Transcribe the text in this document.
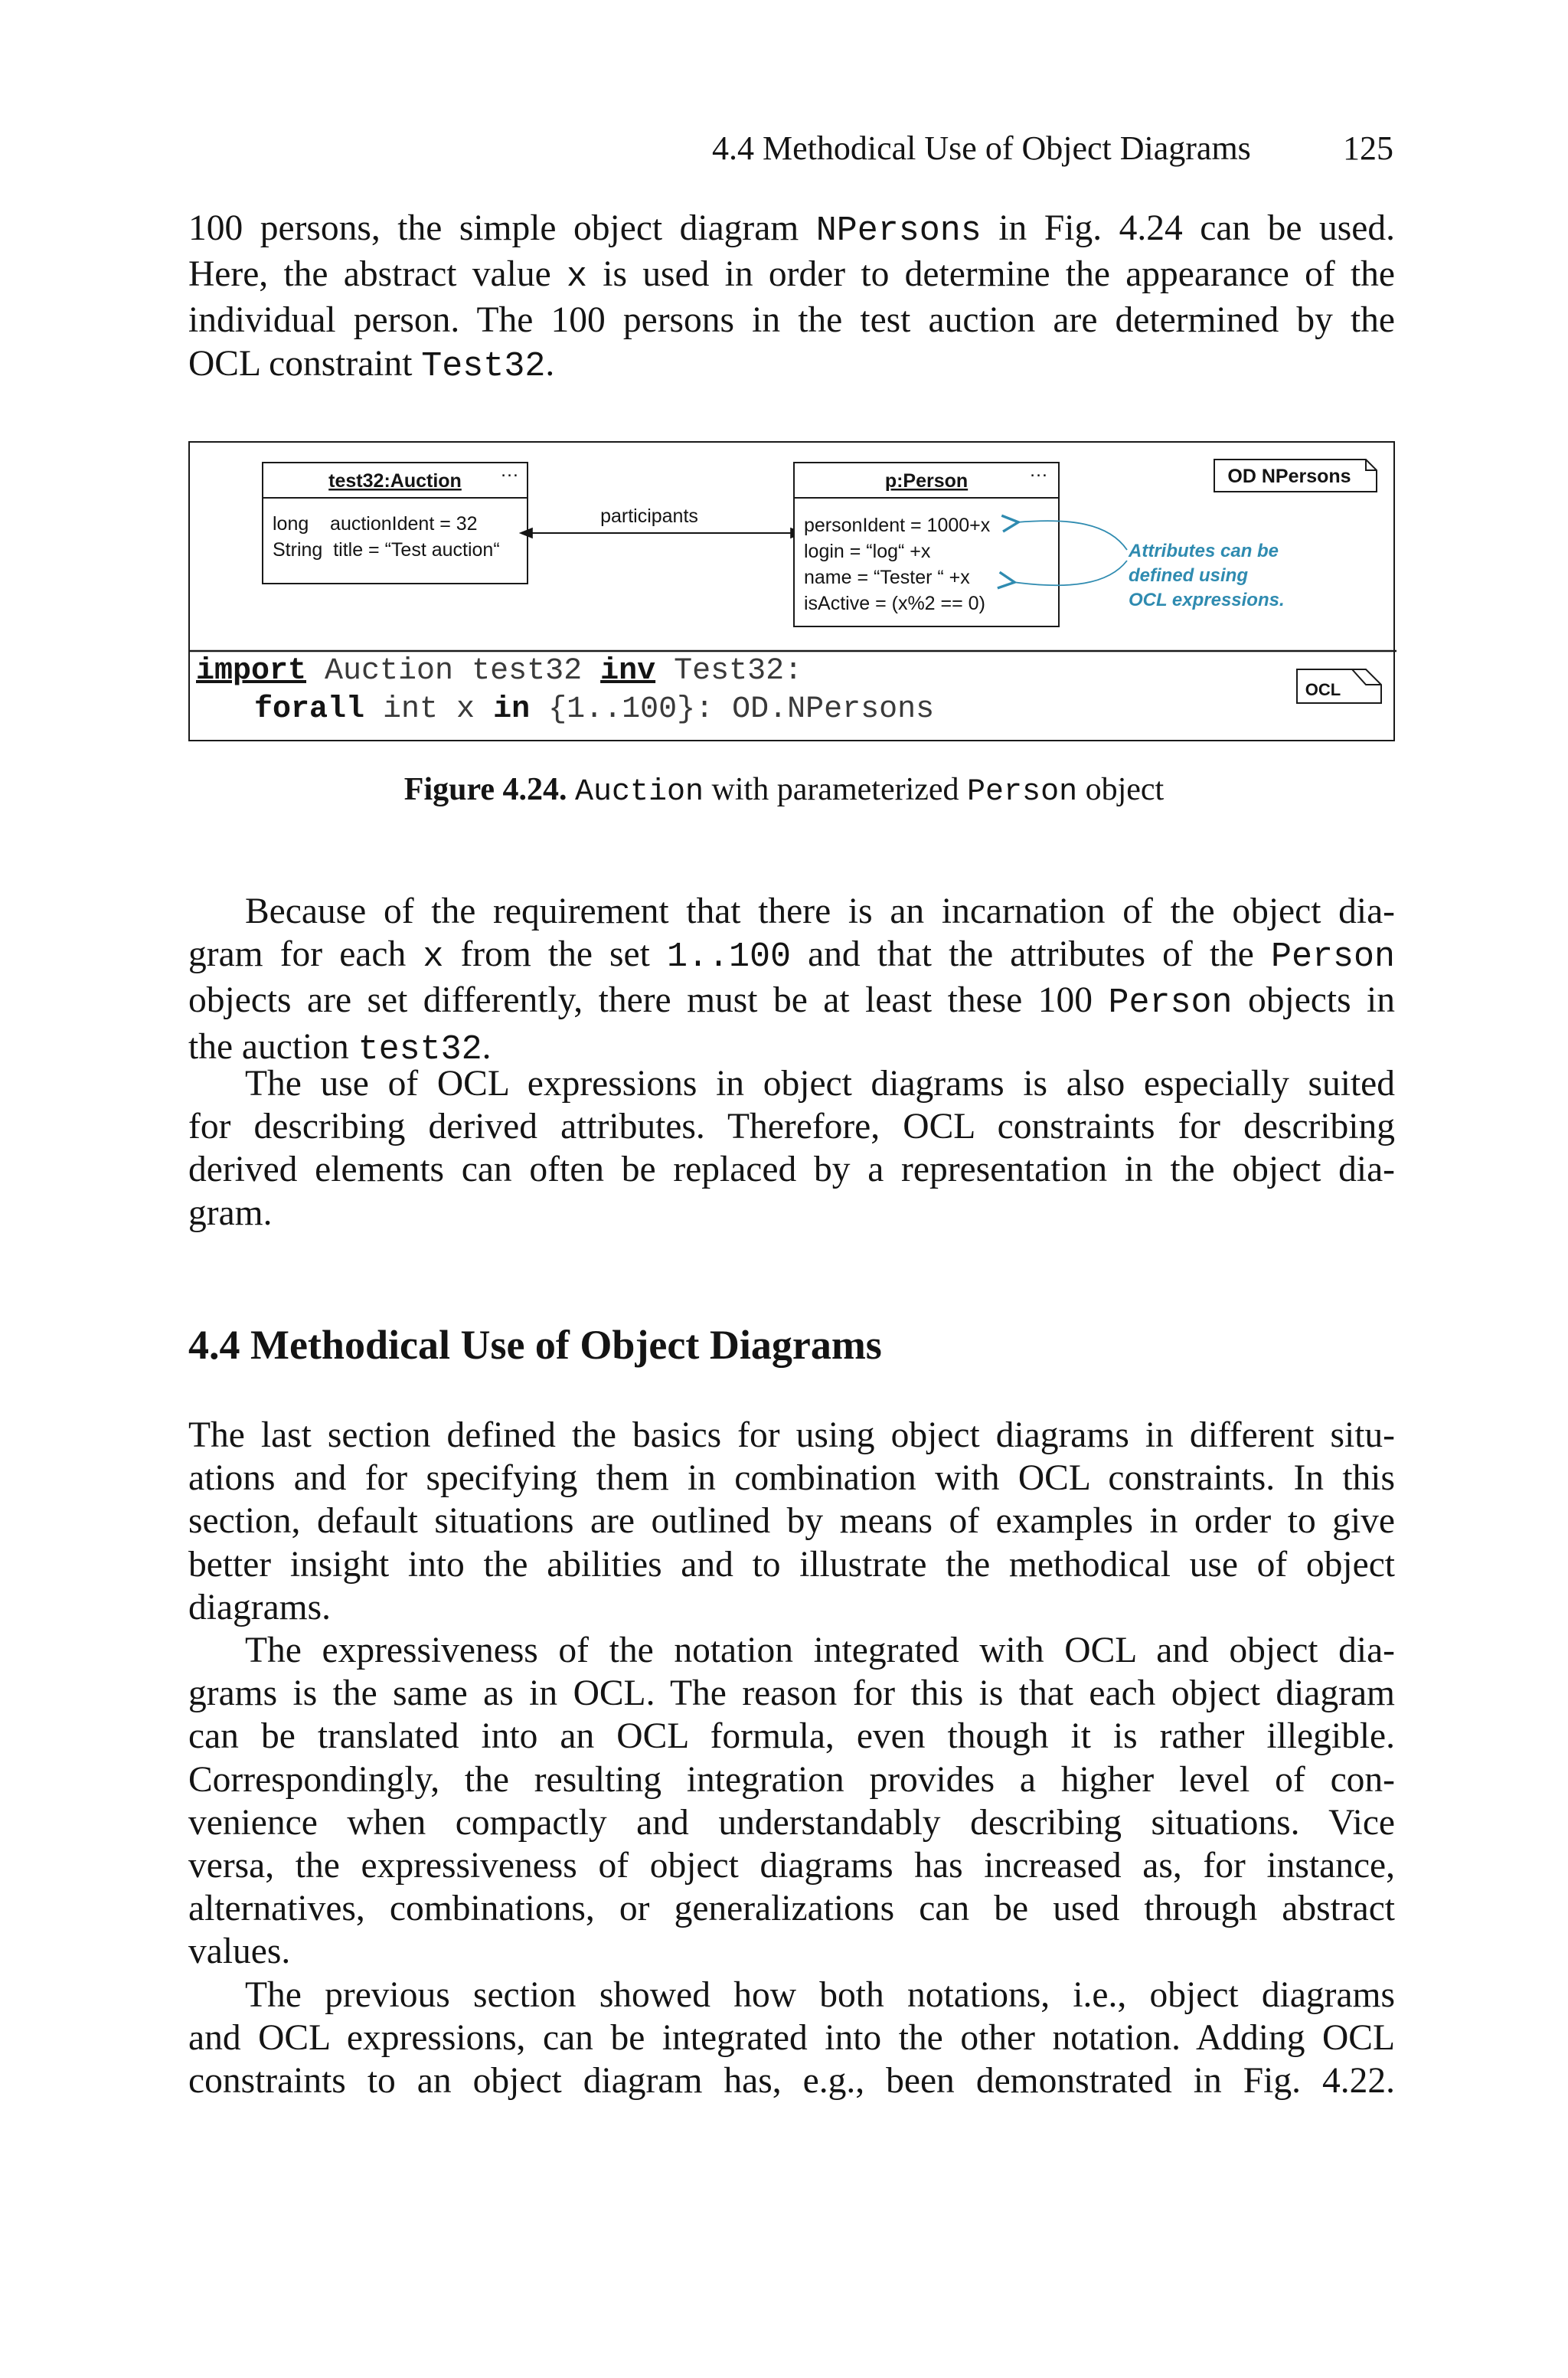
4.4 Methodical Use of Object Diagrams	125
100 persons, the simple object diagram NPersons in Fig. 4.24 can be used.
Here, the abstract value x is used in order to determine the appearance of the
individual person. The 100 persons in the test auction are determined by the
OCL constraint Test32.
test32:Auction …
long    auctionIdent = 32
String  title = “Test auction“
participants
p:Person	…
personIdent = 1000+x
login = “log“ +x
name = “Tester “ +x
isActive = (x%2 == 0)
OD NPersons
Attributes can be
defined using
OCL expressions.
OCL
import Auction test32 inv Test32:
forall int x in {1..100}: OD.NPersons
Figure 4.24. Auction with parameterized Person object
Because of the requirement that there is an incarnation of the object dia-
gram for each x from the set 1..100 and that the attributes of the Person
objects are set differently, there must be at least these 100 Person objects in
the auction test32.
The use of OCL expressions in object diagrams is also especially suited
for describing derived attributes. Therefore, OCL constraints for describing
derived elements can often be replaced by a representation in the object dia-
gram.
4.4 Methodical Use of Object Diagrams
The last section defined the basics for using object diagrams in different situ-
ations and for specifying them in combination with OCL constraints. In this
section, default situations are outlined by means of examples in order to give
better insight into the abilities and to illustrate the methodical use of object
diagrams.
The expressiveness of the notation integrated with OCL and object dia-
grams is the same as in OCL. The reason for this is that each object diagram
can be translated into an OCL formula, even though it is rather illegible.
Correspondingly, the resulting integration provides a higher level of con-
venience when compactly and understandably describing situations. Vice
versa, the expressiveness of object diagrams has increased as, for instance,
alternatives, combinations, or generalizations can be used through abstract
values.
The previous section showed how both notations, i.e., object diagrams
and OCL expressions, can be integrated into the other notation. Adding OCL
constraints to an object diagram has, e.g., been demonstrated in Fig. 4.22.
